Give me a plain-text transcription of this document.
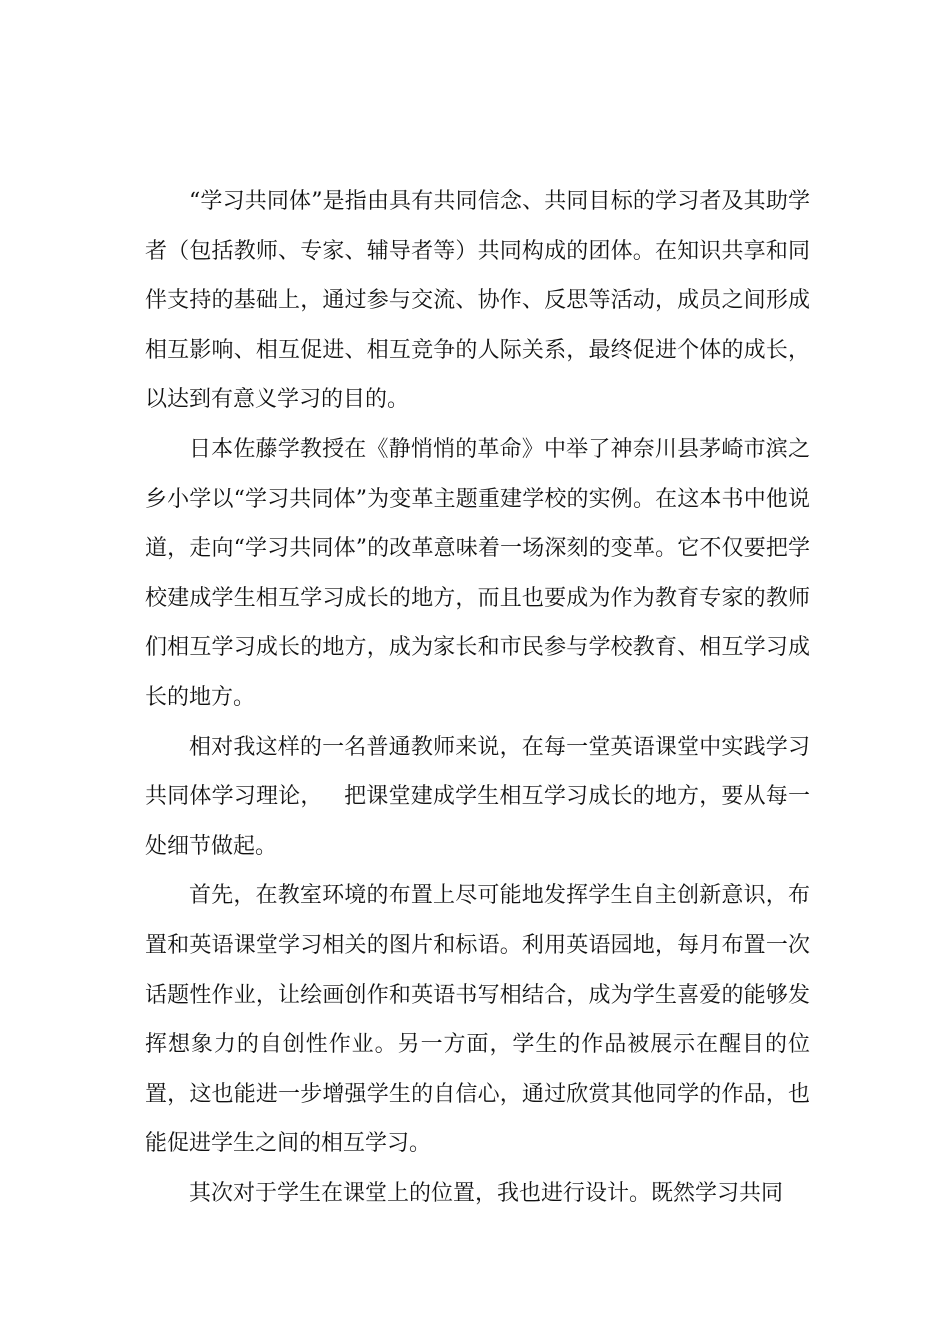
“学习共同体”是指由具有共同信念、共同目标的学习者及其助学者（包括教师、专家、辅导者等）共同构成的团体。在知识共享和同伴支持的基础上，通过参与交流、协作、反思等活动，成员之间形成相互影响、相互促进、相互竞争的人际关系，最终促进个体的成长，以达到有意义学习的目的。

日本佐藤学教授在《静悄悄的革命》中举了神奈川县茅崎市滨之乡小学以“学习共同体”为变革主题重建学校的实例。在这本书中他说道，走向“学习共同体”的改革意味着一场深刻的变革。它不仅要把学校建成学生相互学习成长的地方，而且也要成为作为教育专家的教师们相互学习成长的地方，成为家长和市民参与学校教育、相互学习成长的地方。

相对我这样的一名普通教师来说，在每一堂英语课堂中实践学习共同体学习理论，   把课堂建成学生相互学习成长的地方，要从每一处细节做起。

首先，在教室环境的布置上尽可能地发挥学生自主创新意识，布置和英语课堂学习相关的图片和标语。利用英语园地，每月布置一次话题性作业，让绘画创作和英语书写相结合，成为学生喜爱的能够发挥想象力的自创性作业。另一方面，学生的作品被展示在醒目的位置，这也能进一步增强学生的自信心，通过欣赏其他同学的作品，也能促进学生之间的相互学习。

其次对于学生在课堂上的位置，我也进行设计。既然学习共同
